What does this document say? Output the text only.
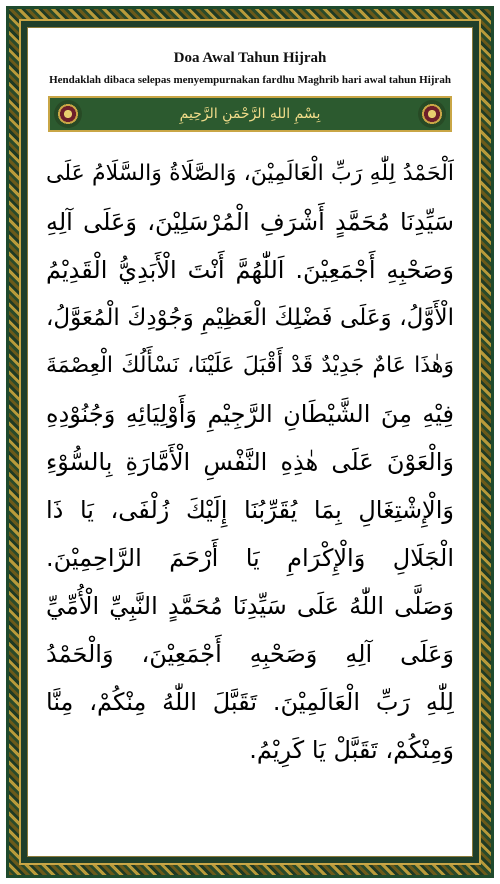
Doa Awal Tahun Hijrah
Hendaklah dibaca selepas menyempurnakan fardhu Maghrib hari awal tahun Hijrah
بِسْمِ اللهِ الرَّحْمَنِ الرَّحِيمِ
اَلْحَمْدُ لِلّٰهِ رَبِّ الْعَالَمِيْنَ، وَالصَّلَاةُ وَالسَّلَامُ عَلَى
سَيِّدِنَا مُحَمَّدٍ أَشْرَفِ الْمُرْسَلِيْنَ، وَعَلَى آلِهِ
وَصَحْبِهِ أَجْمَعِيْنَ. اَللّٰهُمَّ أَنْتَ الْأَبَدِيُّ الْقَدِيْمُ
الْأَوَّلُ، وَعَلَى فَضْلِكَ الْعَظِيْمِ وَجُوْدِكَ الْمُعَوَّلُ،
وَهٰذَا عَامٌ جَدِيْدٌ قَدْ أَقْبَلَ عَلَيْنَا، نَسْأَلُكَ الْعِصْمَةَ
فِيْهِ مِنَ الشَّيْطَانِ الرَّجِيْمِ وَأَوْلِيَائِهِ وَجُنُوْدِهِ
وَالْعَوْنَ عَلَى هٰذِهِ النَّفْسِ الْأَمَّارَةِ بِالسُّوْءِ
وَالْإِشْتِغَالِ بِمَا يُقَرِّبُنَا إِلَيْكَ زُلْفَى، يَا ذَا
الْجَلَالِ وَالْإِكْرَامِ يَا أَرْحَمَ الرَّاحِمِيْنَ.
وَصَلَّى اللّٰهُ عَلَى سَيِّدِنَا مُحَمَّدٍ النَّبِيِّ الْأُمِّيِّ
وَعَلَى آلِهِ وَصَحْبِهِ أَجْمَعِيْنَ، وَالْحَمْدُ
لِلّٰهِ رَبِّ الْعَالَمِيْنَ. تَقَبَّلَ اللّٰهُ مِنْكُمْ، مِنَّا
وَمِنْكُمْ، تَقَبَّلْ يَا كَرِيْمُ.
